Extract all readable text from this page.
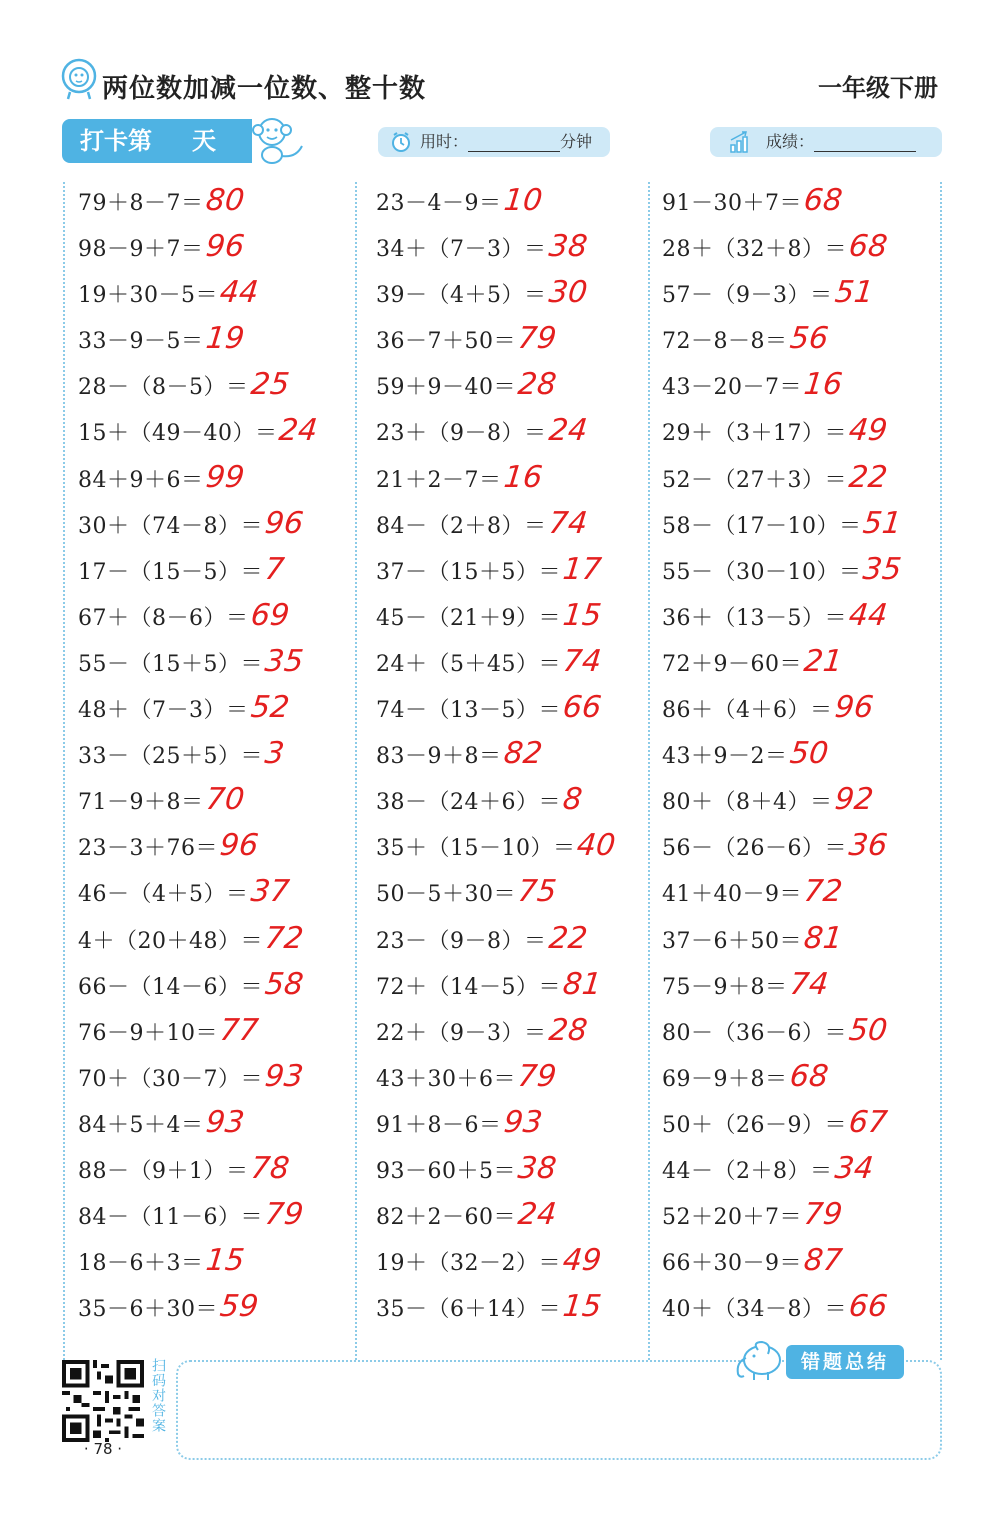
两位数加减一位数、整十数	一年级下册
打卡第 天	用时：	分钟	成绩：
79＋8－7＝80
98－9＋7＝96
19＋30－5＝44
33－9－5＝19
28－（8－5）＝25
15＋（49－40）＝24
84＋9＋6＝99
30＋（74－8）＝96
17－（15－5）＝7
67＋（8－6）＝69
55－（15＋5）＝35
48＋（7－3）＝52
33－（25＋5）＝3
71－9＋8＝70
23－3＋76＝96
46－（4＋5）＝37
4＋（20＋48）＝72
66－（14－6）＝58
76－9＋10＝77
70＋（30－7）＝93
84＋5＋4＝93
88－（9＋1）＝78
84－（11－6）＝79
18－6＋3＝15
35－6＋30＝59
23－4－9＝10
34＋（7－3）＝38
39－（4＋5）＝30
36－7＋50＝79
59＋9－40＝28
23＋（9－8）＝24
21＋2－7＝16
84－（2＋8）＝74
37－（15＋5）＝17
45－（21＋9）＝15
24＋（5＋45）＝74
74－（13－5）＝66
83－9＋8＝82
38－（24＋6）＝8
35＋（15－10）＝40
50－5＋30＝75
23－（9－8）＝22
72＋（14－5）＝81
22＋（9－3）＝28
43＋30＋6＝79
91＋8－6＝93
93－60＋5＝38
82＋2－60＝24
19＋（32－2）＝49
35－（6＋14）＝15
91－30＋7＝68
28＋（32＋8）＝68
57－（9－3）＝51
72－8－8＝56
43－20－7＝16
29＋（3＋17）＝49
52－（27＋3）＝22
58－（17－10）＝51
55－（30－10）＝35
36＋（13－5）＝44
72＋9－60＝21
86＋（4＋6）＝96
43＋9－2＝50
80＋（8＋4）＝92
56－（26－6）＝36
41＋40－9＝72
37－6＋50＝81
75－9＋8＝74
80－（36－6）＝50
69－9＋8＝68
50＋（26－9）＝67
44－（2＋8）＝34
52＋20＋7＝79
66＋30－9＝87
40＋（34－8）＝66
扫码对答案
· 78 ·
错题总结
